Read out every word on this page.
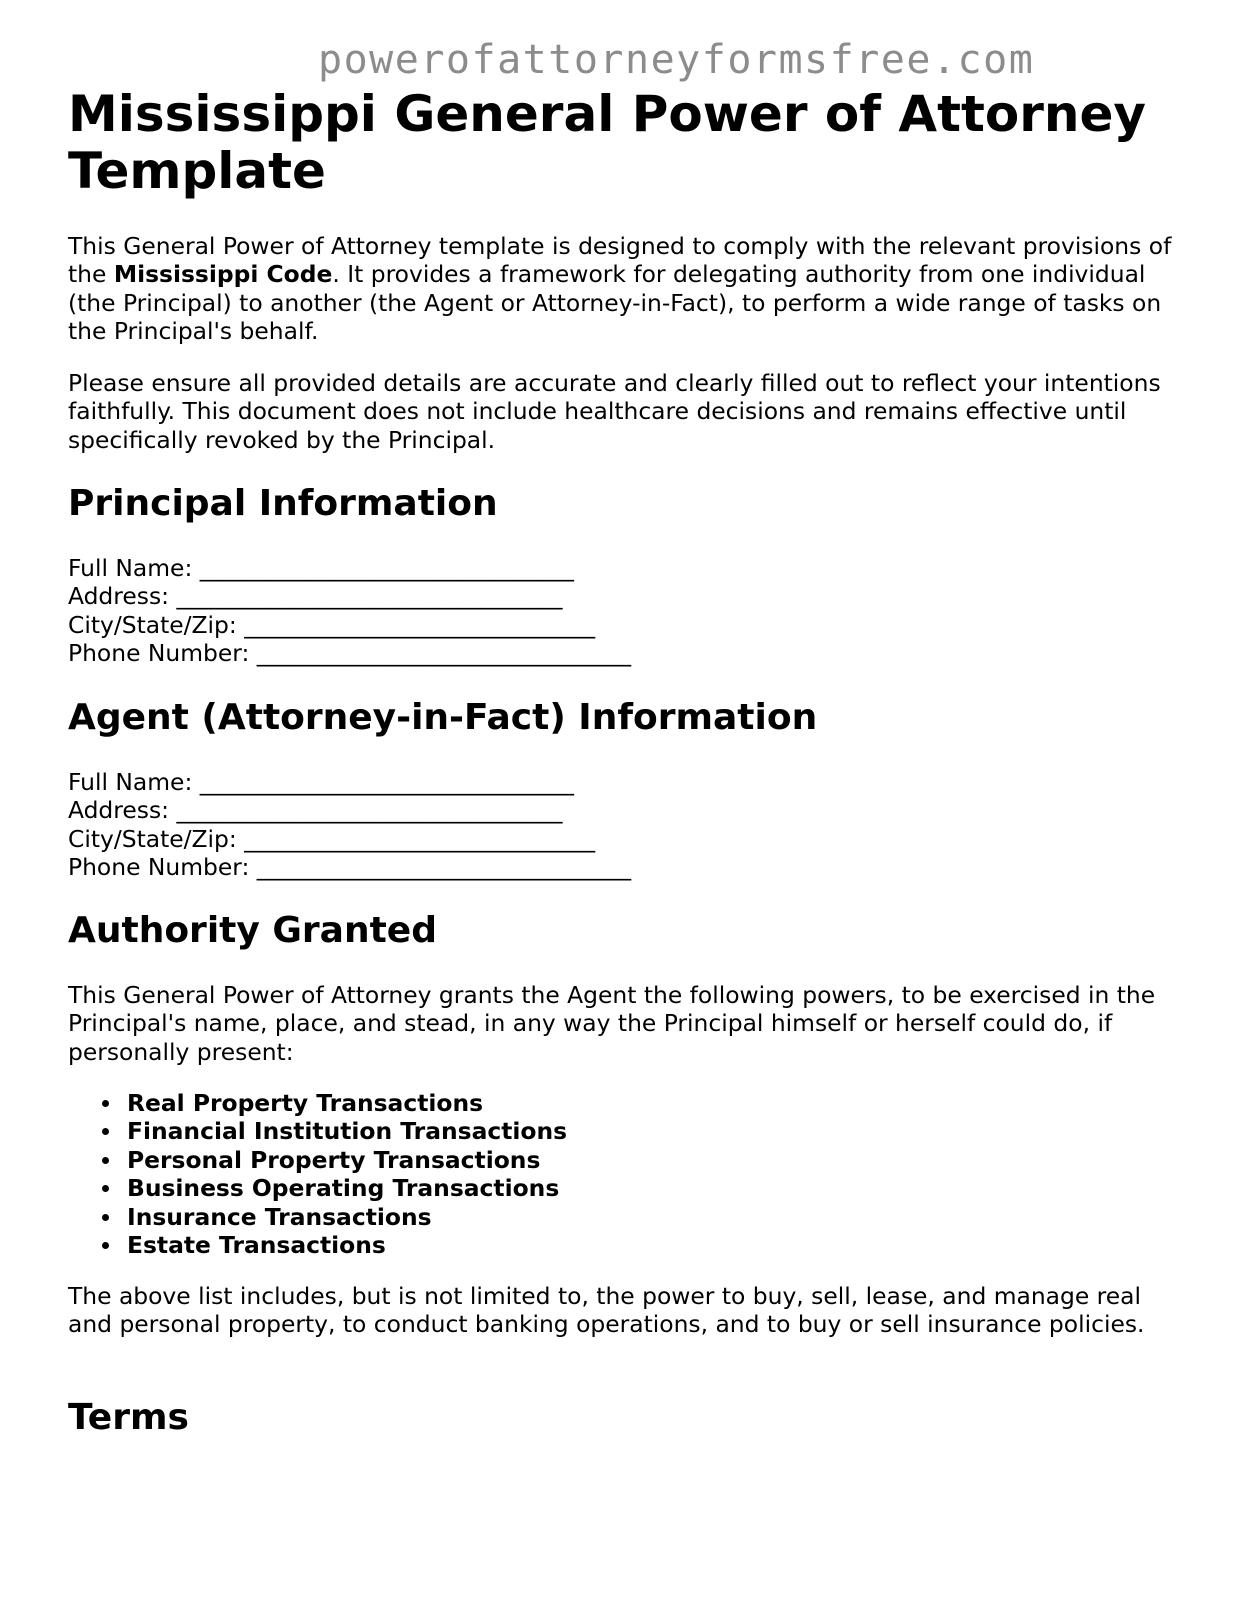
powerofattorneyformsfree.com
Mississippi General Power of Attorney Template

This General Power of Attorney template is designed to comply with the relevant provisions of the Mississippi Code. It provides a framework for delegating authority from one individual (the Principal) to another (the Agent or Attorney-in-Fact), to perform a wide range of tasks on the Principal's behalf.

Please ensure all provided details are accurate and clearly filled out to reflect your intentions faithfully. This document does not include healthcare decisions and remains effective until specifically revoked by the Principal.

Principal Information
Full Name: ________________________________
Address: _________________________________
City/State/Zip: ______________________________
Phone Number: ________________________________
Agent (Attorney-in-Fact) Information
Full Name: ________________________________
Address: _________________________________
City/State/Zip: ______________________________
Phone Number: ________________________________
Authority Granted

This General Power of Attorney grants the Agent the following powers, to be exercised in the Principal's name, place, and stead, in any way the Principal himself or herself could do, if personally present:

Real Property Transactions
Financial Institution Transactions
Personal Property Transactions
Business Operating Transactions
Insurance Transactions
Estate Transactions

The above list includes, but is not limited to, the power to buy, sell, lease, and manage real and personal property, to conduct banking operations, and to buy or sell insurance policies.

Terms
